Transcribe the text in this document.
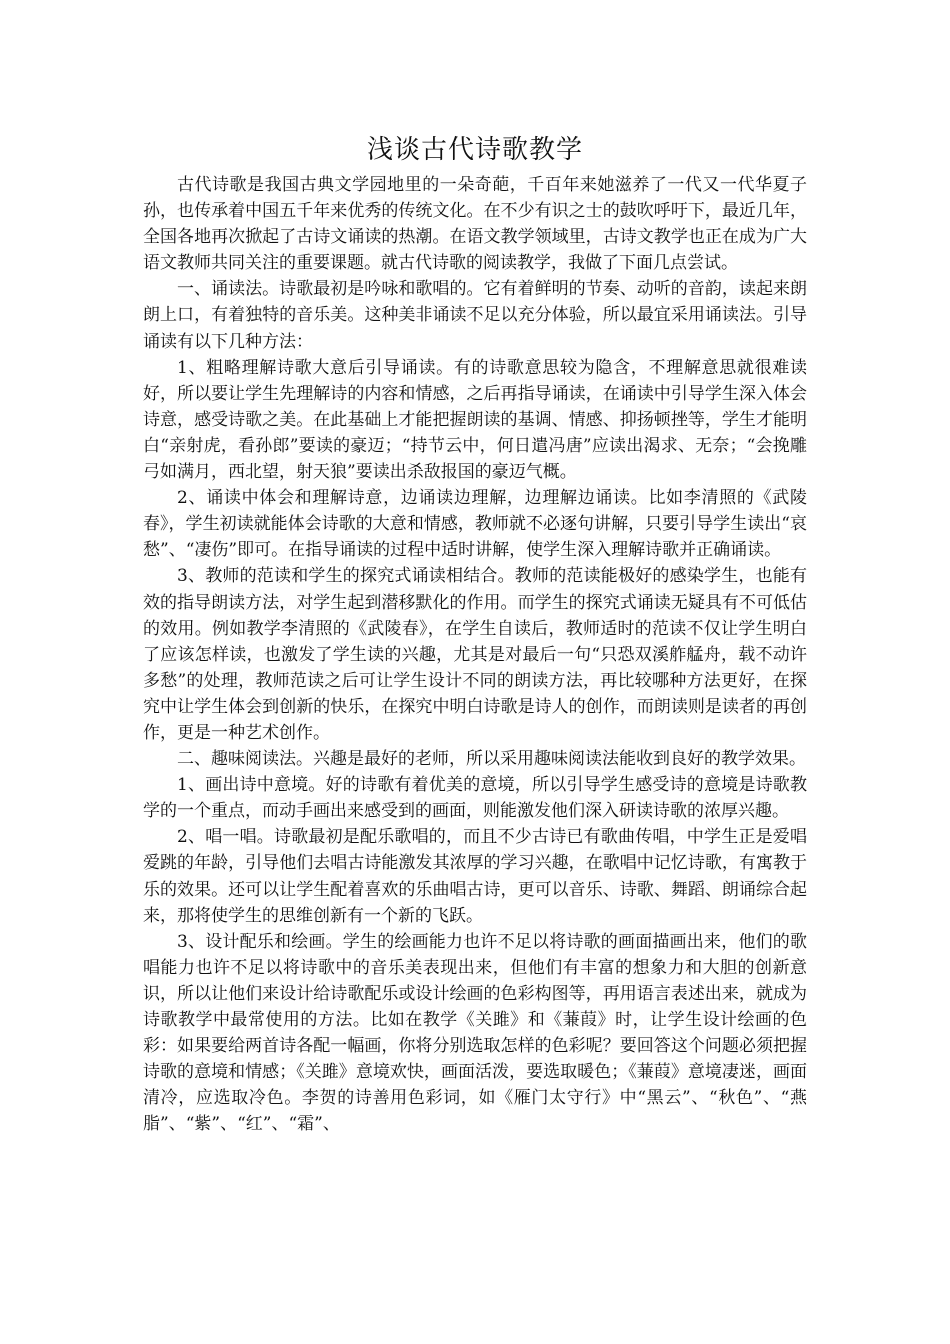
浅谈古代诗歌教学

古代诗歌是我国古典文学园地里的一朵奇葩，千百年来她滋养了一代又一代华夏子孙，也传承着中国五千年来优秀的传统文化。在不少有识之士的鼓吹呼吁下，最近几年，全国各地再次掀起了古诗文诵读的热潮。在语文教学领域里，古诗文教学也正在成为广大语文教师共同关注的重要课题。就古代诗歌的阅读教学，我做了下面几点尝试。

一、诵读法。诗歌最初是吟咏和歌唱的。它有着鲜明的节奏、动听的音韵，读起来朗朗上口，有着独特的音乐美。这种美非诵读不足以充分体验，所以最宜采用诵读法。引导诵读有以下几种方法：

1、粗略理解诗歌大意后引导诵读。有的诗歌意思较为隐含，不理解意思就很难读好，所以要让学生先理解诗的内容和情感，之后再指导诵读，在诵读中引导学生深入体会诗意，感受诗歌之美。在此基础上才能把握朗读的基调、情感、抑扬顿挫等，学生才能明白“亲射虎，看孙郎”要读的豪迈；“持节云中，何日遣冯唐”应读出渴求、无奈；“会挽雕弓如满月，西北望，射天狼”要读出杀敌报国的豪迈气概。

2、诵读中体会和理解诗意，边诵读边理解，边理解边诵读。比如李清照的《武陵春》，学生初读就能体会诗歌的大意和情感，教师就不必逐句讲解，只要引导学生读出“哀愁”、“凄伤”即可。在指导诵读的过程中适时讲解，使学生深入理解诗歌并正确诵读。

3、教师的范读和学生的探究式诵读相结合。教师的范读能极好的感染学生，也能有效的指导朗读方法，对学生起到潜移默化的作用。而学生的探究式诵读无疑具有不可低估的效用。例如教学李清照的《武陵春》，在学生自读后，教师适时的范读不仅让学生明白了应该怎样读，也激发了学生读的兴趣，尤其是对最后一句“只恐双溪舴艋舟，载不动许多愁”的处理，教师范读之后可让学生设计不同的朗读方法，再比较哪种方法更好，在探究中让学生体会到创新的快乐，在探究中明白诗歌是诗人的创作，而朗读则是读者的再创作，更是一种艺术创作。

二、趣味阅读法。兴趣是最好的老师，所以采用趣味阅读法能收到良好的教学效果。

1、画出诗中意境。好的诗歌有着优美的意境，所以引导学生感受诗的意境是诗歌教学的一个重点，而动手画出来感受到的画面，则能激发他们深入研读诗歌的浓厚兴趣。

2、唱一唱。诗歌最初是配乐歌唱的，而且不少古诗已有歌曲传唱，中学生正是爱唱爱跳的年龄，引导他们去唱古诗能激发其浓厚的学习兴趣，在歌唱中记忆诗歌，有寓教于乐的效果。还可以让学生配着喜欢的乐曲唱古诗，更可以音乐、诗歌、舞蹈、朗诵综合起来，那将使学生的思维创新有一个新的飞跃。

3、设计配乐和绘画。学生的绘画能力也许不足以将诗歌的画面描画出来，他们的歌唱能力也许不足以将诗歌中的音乐美表现出来，但他们有丰富的想象力和大胆的创新意识，所以让他们来设计给诗歌配乐或设计绘画的色彩构图等，再用语言表述出来，就成为诗歌教学中最常使用的方法。比如在教学《关雎》和《蒹葭》时，让学生设计绘画的色彩：如果要给两首诗各配一幅画，你将分别选取怎样的色彩呢？要回答这个问题必须把握诗歌的意境和情感；《关雎》意境欢快，画面活泼，要选取暖色；《蒹葭》意境凄迷，画面清冷，应选取冷色。李贺的诗善用色彩词，如《雁门太守行》中“黑云”、“秋色”、“燕脂”、“紫”、“红”、“霜”、
